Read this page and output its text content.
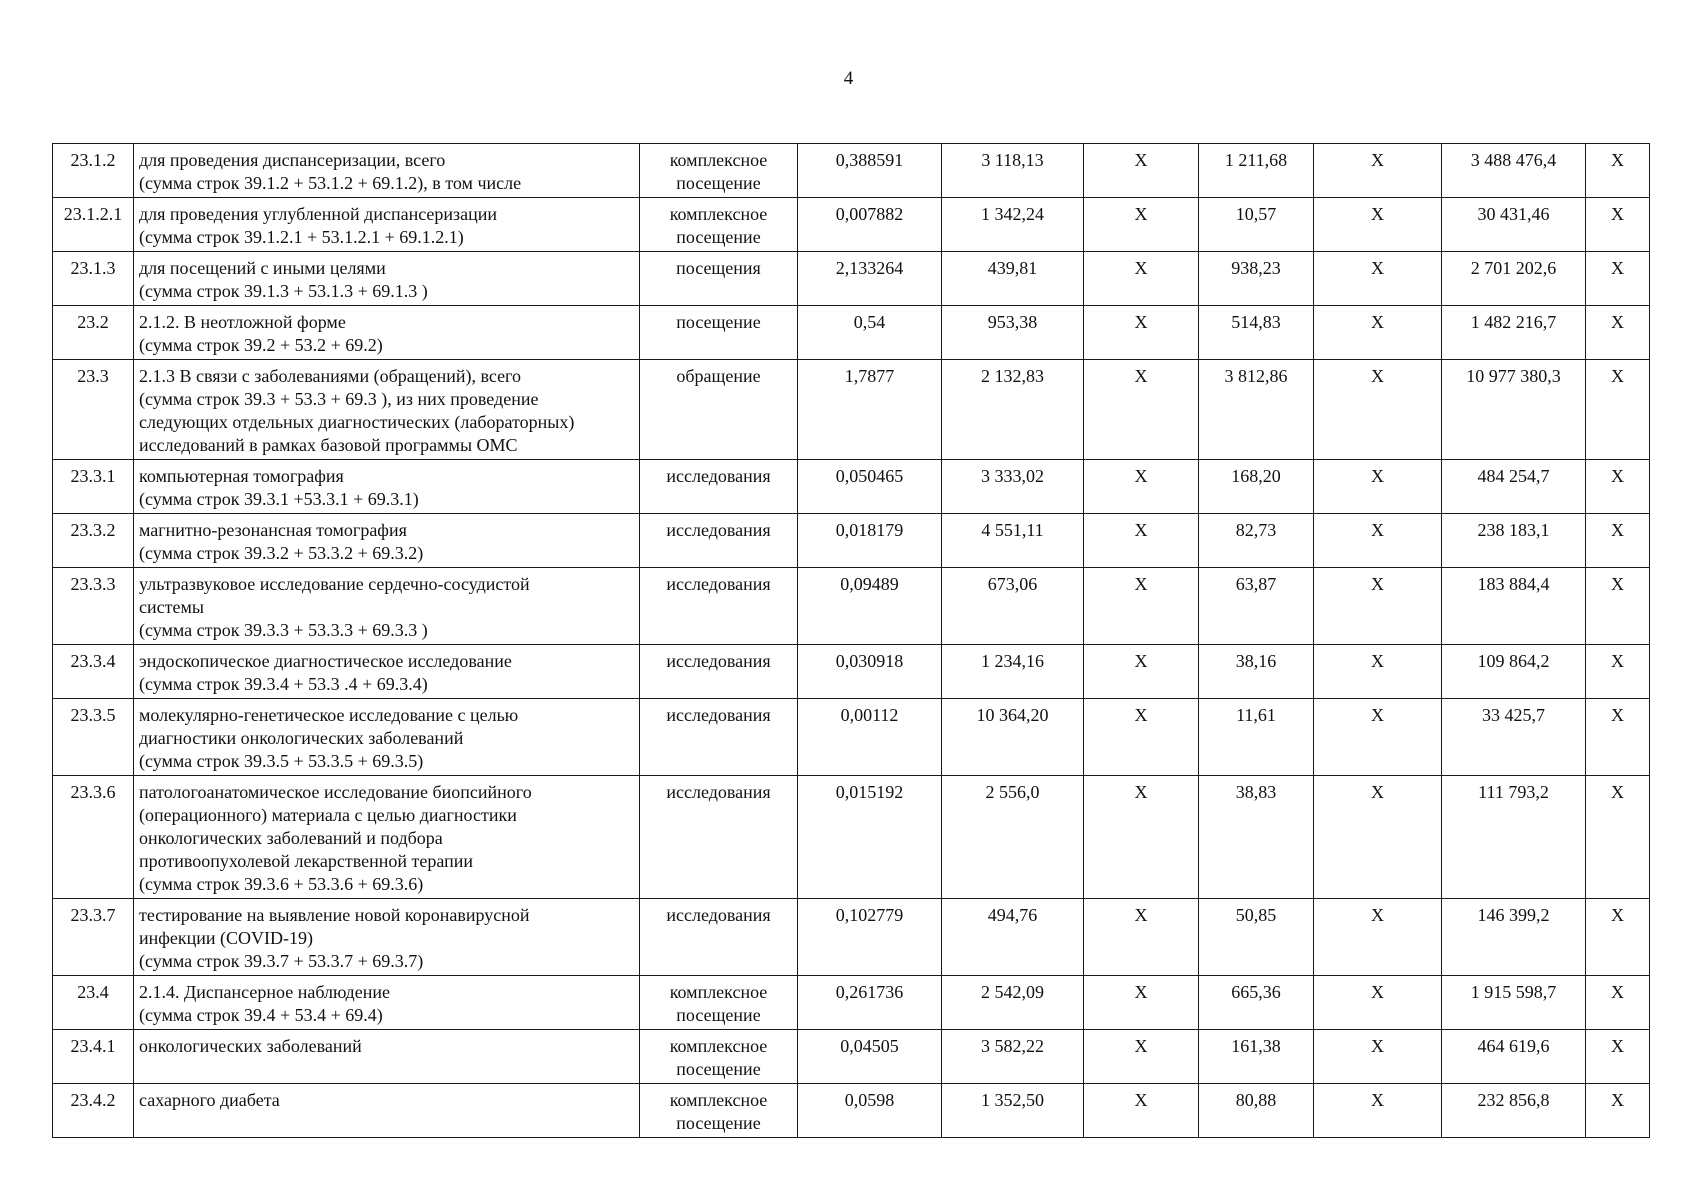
4
23.1.2	для проведения диспансеризации, всего
(сумма строк 39.1.2 + 53.1.2 + 69.1.2), в том числе	комплексное
посещение	0,388591	3 118,13	Х	1 211,68	Х	3 488 476,4	Х
23.1.2.1	для проведения углубленной диспансеризации
(сумма строк 39.1.2.1 + 53.1.2.1 + 69.1.2.1)	комплексное
посещение	0,007882	1 342,24	Х	10,57	Х	30 431,46	Х
23.1.3	для посещений с иными целями
(сумма строк 39.1.3 + 53.1.3 + 69.1.3 )	посещения	2,133264	439,81	Х	938,23	Х	2 701 202,6	Х
23.2	2.1.2. В неотложной форме
(сумма строк 39.2 + 53.2 + 69.2)	посещение	0,54	953,38	Х	514,83	Х	1 482 216,7	Х
23.3	2.1.3 В связи с заболеваниями (обращений), всего
(сумма строк 39.3 + 53.3 + 69.3 ), из них проведение
следующих отдельных диагностических (лабораторных)
исследований в рамках базовой программы ОМС	обращение	1,7877	2 132,83	Х	3 812,86	Х	10 977 380,3	Х
23.3.1	компьютерная томография
(сумма строк 39.3.1 +53.3.1 + 69.3.1)	исследования	0,050465	3 333,02	Х	168,20	Х	484 254,7	Х
23.3.2	магнитно-резонансная томография
(сумма строк 39.3.2 + 53.3.2 + 69.3.2)	исследования	0,018179	4 551,11	Х	82,73	Х	238 183,1	Х
23.3.3	ультразвуковое исследование сердечно-сосудистой
системы
(сумма строк 39.3.3 + 53.3.3 + 69.3.3 )	исследования	0,09489	673,06	Х	63,87	Х	183 884,4	Х
23.3.4	эндоскопическое диагностическое исследование
(сумма строк 39.3.4 + 53.3 .4 + 69.3.4)	исследования	0,030918	1 234,16	Х	38,16	Х	109 864,2	Х
23.3.5	молекулярно-генетическое исследование с целью
диагностики онкологических заболеваний
(сумма строк 39.3.5 + 53.3.5 + 69.3.5)	исследования	0,00112	10 364,20	Х	11,61	Х	33 425,7	Х
23.3.6	патологоанатомическое исследование биопсийного
(операционного) материала с целью диагностики
онкологических заболеваний и подбора
противоопухолевой лекарственной терапии
(сумма строк 39.3.6 + 53.3.6 + 69.3.6)	исследования	0,015192	2 556,0	Х	38,83	Х	111 793,2	Х
23.3.7	тестирование на выявление новой коронавирусной
инфекции (COVID-19)
(сумма строк 39.3.7 + 53.3.7 + 69.3.7)	исследования	0,102779	494,76	Х	50,85	Х	146 399,2	Х
23.4	2.1.4. Диспансерное наблюдение
(сумма строк 39.4 + 53.4 + 69.4)	комплексное
посещение	0,261736	2 542,09	Х	665,36	Х	1 915 598,7	Х
23.4.1	онкологических заболеваний	комплексное
посещение	0,04505	3 582,22	Х	161,38	Х	464 619,6	Х
23.4.2	сахарного диабета	комплексное
посещение	0,0598	1 352,50	Х	80,88	Х	232 856,8	Х
